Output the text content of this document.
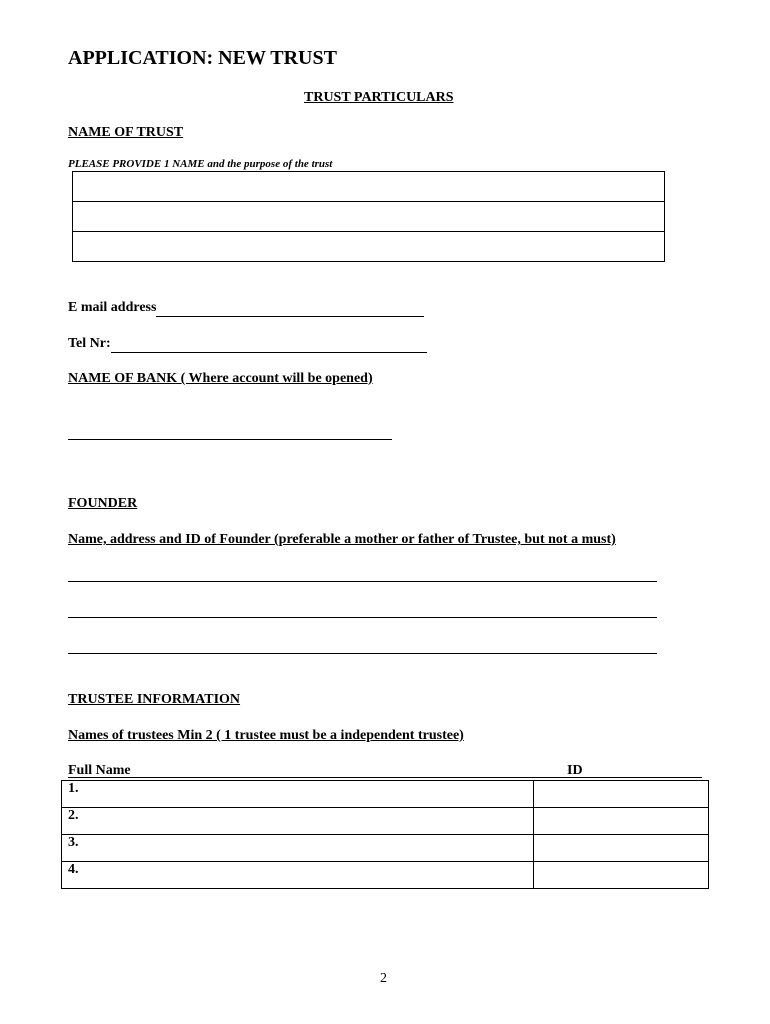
APPLICATION: NEW TRUST
TRUST PARTICULARS
NAME OF TRUST
PLEASE PROVIDE 1 NAME and the purpose of the trust

E mail address
Tel Nr:
NAME OF BANK ( Where account will be opened)
FOUNDER
Name, address and ID of Founder (preferable a mother or father of Trustee, but not a must)
TRUSTEE INFORMATION
Names of trustees Min 2 ( 1 trustee must be a independent trustee)
Full Name	ID
1.	
2.	
3.	
4.	
2
